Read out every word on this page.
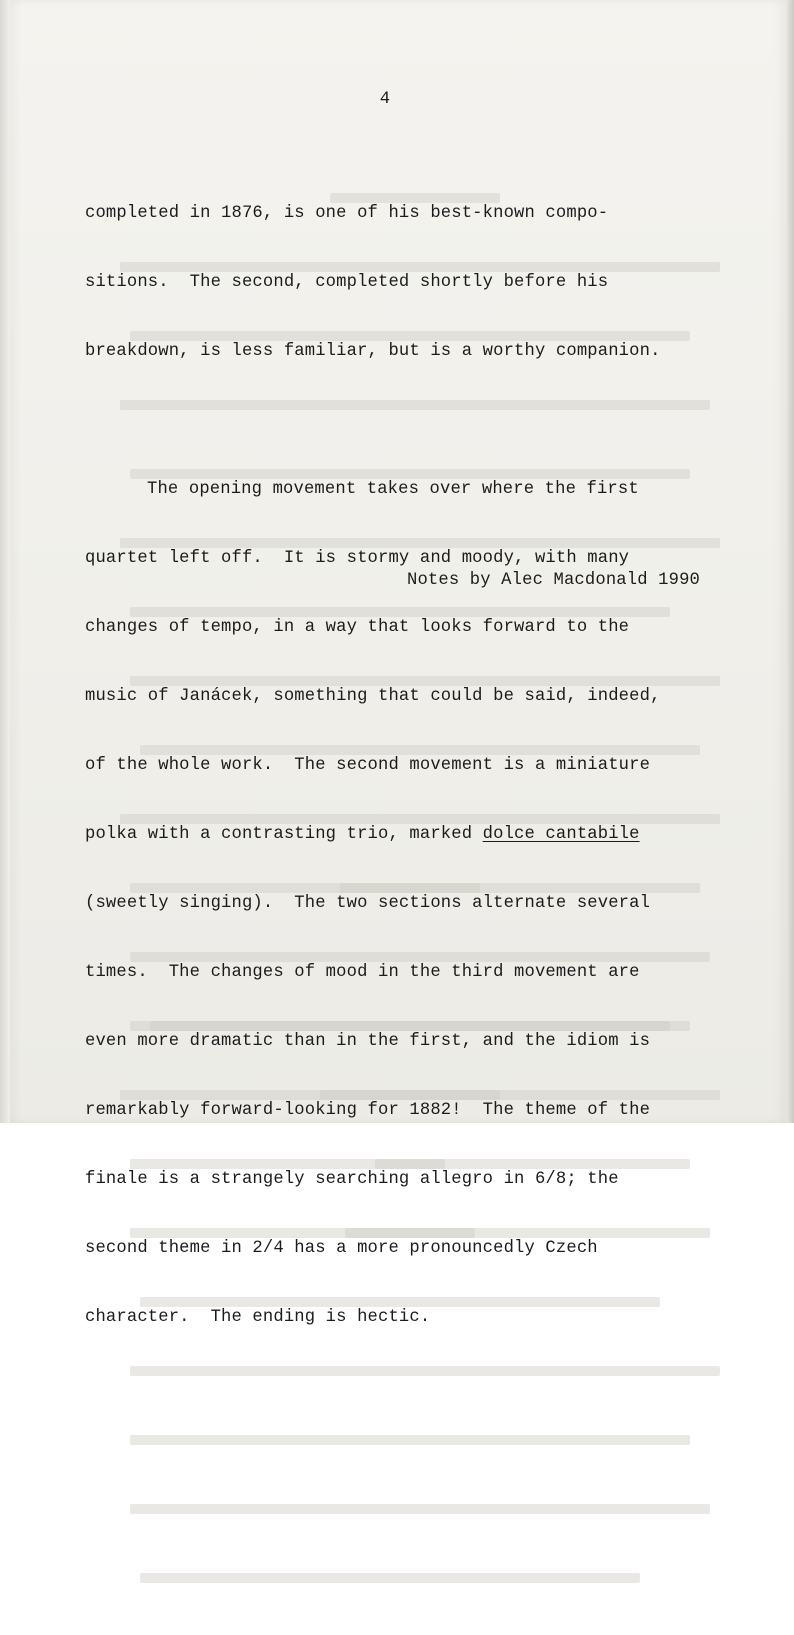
4

completed in 1876, is one of his best-known compo-

sitions.  The second, completed shortly before his

breakdown, is less familiar, but is a worthy companion.

The opening movement takes over where the first

quartet left off.  It is stormy and moody, with many

changes of tempo, in a way that looks forward to the

music of Janácek, something that could be said, indeed,

of the whole work.  The second movement is a miniature

polka with a contrasting trio, marked dolce cantabile

(sweetly singing).  The two sections alternate several

times.  The changes of mood in the third movement are

even more dramatic than in the first, and the idiom is

remarkably forward-looking for 1882!  The theme of the

finale is a strangely searching allegro in 6/8; the

second theme in 2/4 has a more pronouncedly Czech

character.  The ending is hectic.

Notes by Alec Macdonald 1990
